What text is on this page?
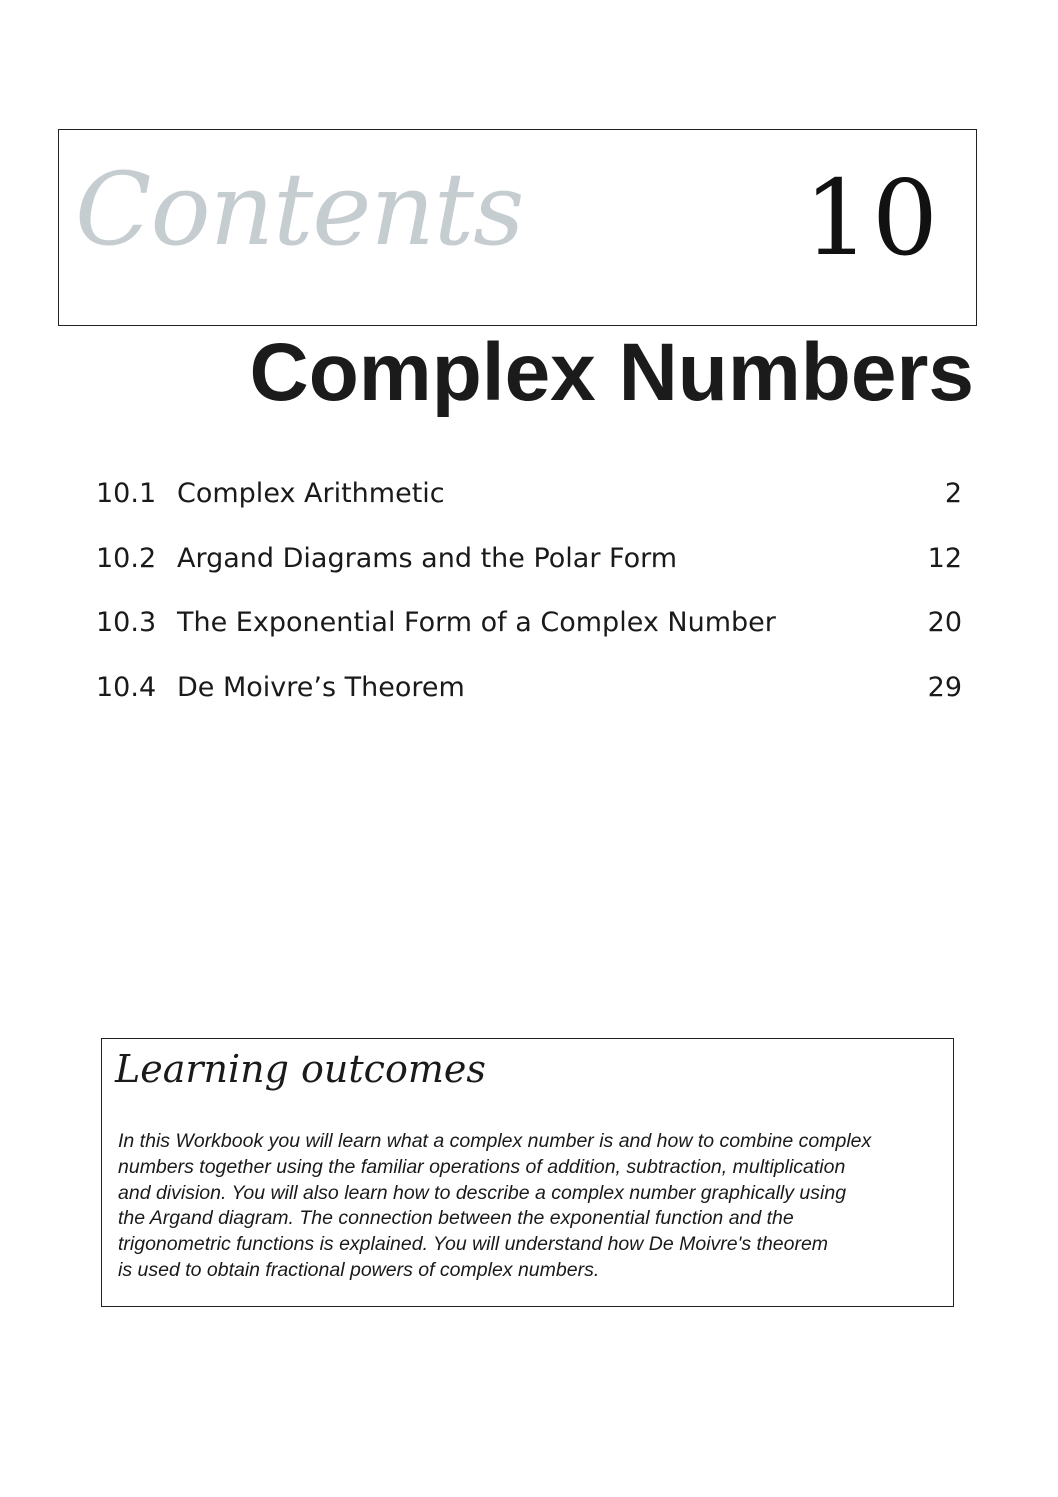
Contents	10
Complex Numbers
10.1 Complex Arithmetic	2
10.2 Argand Diagrams and the Polar Form	12
10.3 The Exponential Form of a Complex Number	20
10.4 De Moivre’s Theorem	29
Learning outcomes
In this Workbook you will learn what a complex number is and how to combine complex
numbers together using the familiar operations of addition, subtraction, multiplication
and division. You will also learn how to describe a complex number graphically using
the Argand diagram. The connection between the exponential function and the
trigonometric functions is explained. You will understand how De Moivre's theorem
is used to obtain fractional powers of complex numbers.
